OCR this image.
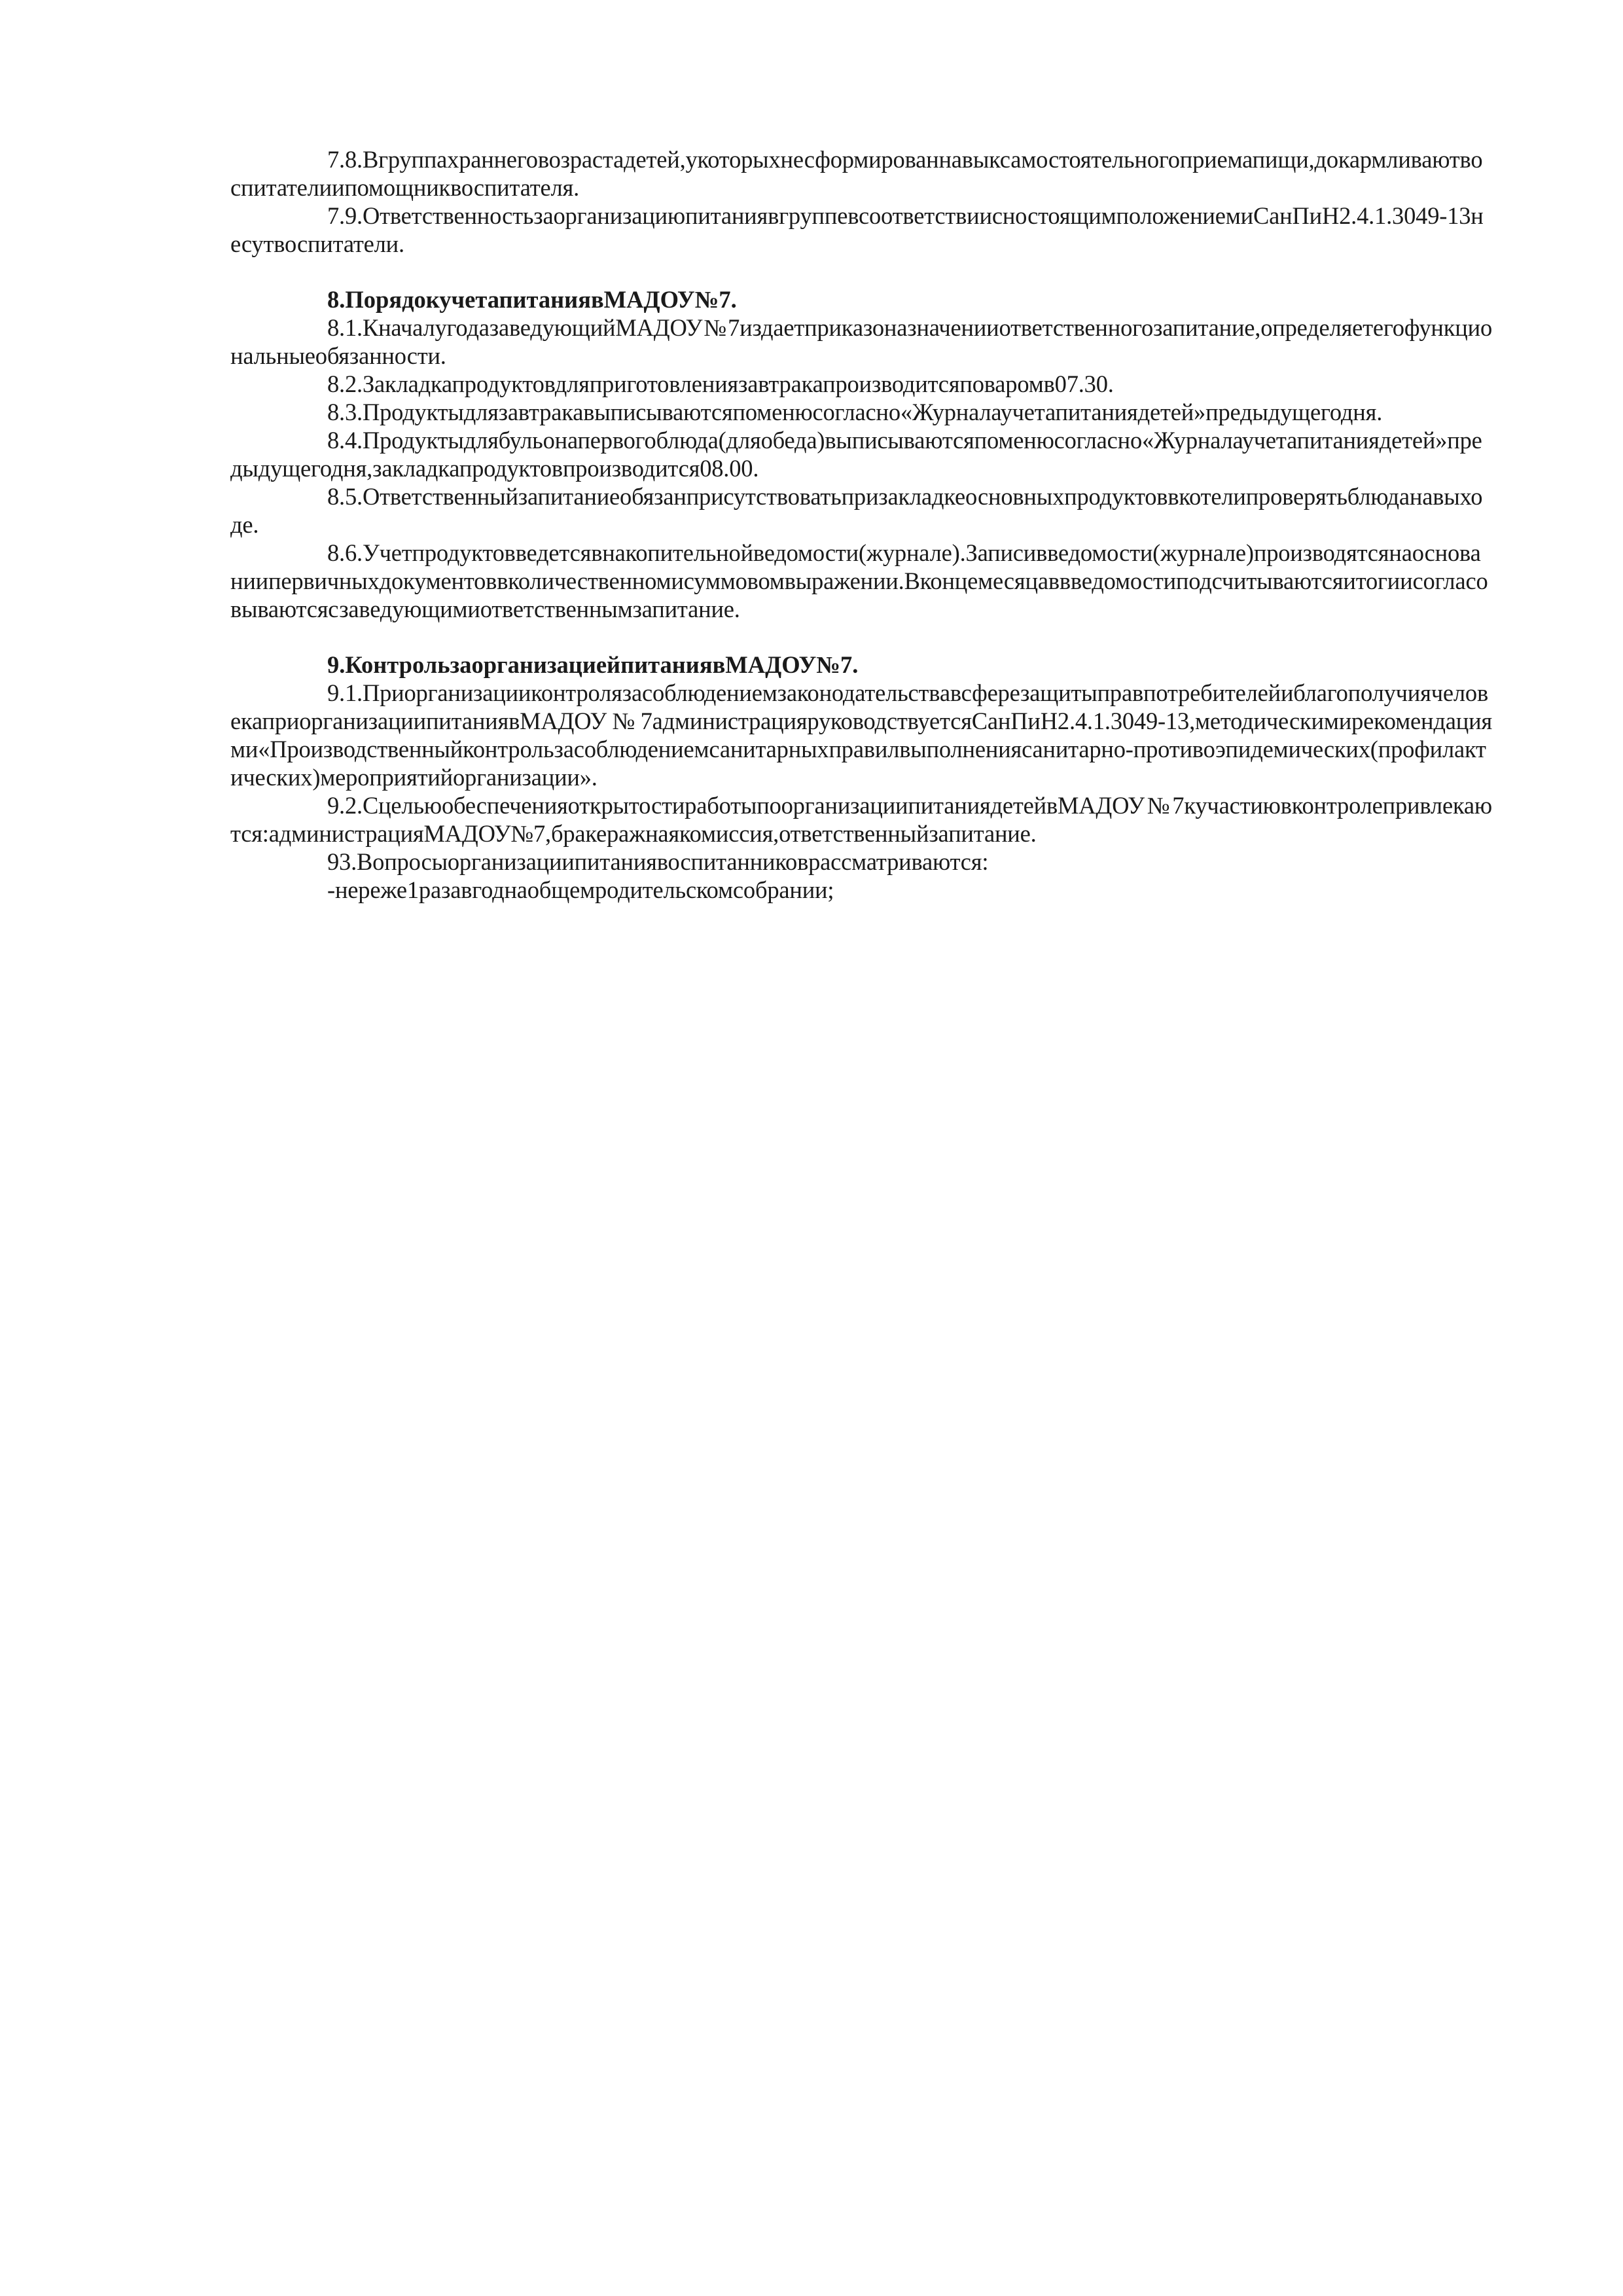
7.8.Вгруппахраннеговозрастадетей,укоторыхнесформированнавыксамостоятельногоприемапищи,докармливаютвоспитателиипомощниквоспитателя.

7.9.ОтветственностьзаорганизациюпитаниявгруппевсоответствиисностоящимположениемиСанПиН2.4.1.3049-13несутвоспитатели.

8.ПорядокучетапитаниявМАДОУ№7.

8.1.КначалугодазаведующийМАДОУ№7издаетприказоназначенииответственногозапитание,определяетегофункциональныеобязанности.

8.2.Закладкапродуктовдляприготовлениязавтракапроизводитсяповаромв07.30.

8.3.Продуктыдлязавтракавыписываютсяпоменюсогласно«Журналаучетапитаниядетей»предыдущегодня.

8.4.Продуктыдлябульонапервогоблюда(дляобеда)выписываютсяпоменюсогласно«Журналаучетапитаниядетей»предыдущегодня,закладкапродуктовпроизводится08.00.

8.5.Ответственныйзапитаниеобязанприсутствоватьпризакладкеосновныхпродуктоввкотелипроверятьблюданавыходе.

8.6.Учетпродуктовведетсявнакопительнойведомости(журнале).Записивведомости(журнале)производятсянаоснованиипервичныхдокументоввколичественномисуммовомвыражении.Вконцемесяцаввведомостиподсчитываютсяитогиисогласовываютсясзаведующимиответственнымзапитание.

9.КонтрользаорганизациейпитаниявМАДОУ№7.

9.1.ПриорганизацииконтролязасоблюдениемзаконодательствавсферезащитыправпотребителейиблагополучиячеловекаприорганизациипитаниявМАДОУ№7администрацияруководствуетсяСанПиН2.4.1.3049-13,методическимирекомендациями«Производственныйконтрользасоблюдениемсанитарныхправилвыполнениясанитарно-противоэпидемических(профилактических)мероприятийорганизации».

9.2.СцельюобеспеченияоткрытостиработыпоорганизациипитаниядетейвМАДОУ№7кучастиювконтролепривлекаются:администрацияМАДОУ№7,бракеражнаякомиссия,ответственныйзапитание.

93.Вопросыорганизациипитаниявоспитанниковрассматриваются:

-нереже1разавгоднаобщемродительскомсобрании;
